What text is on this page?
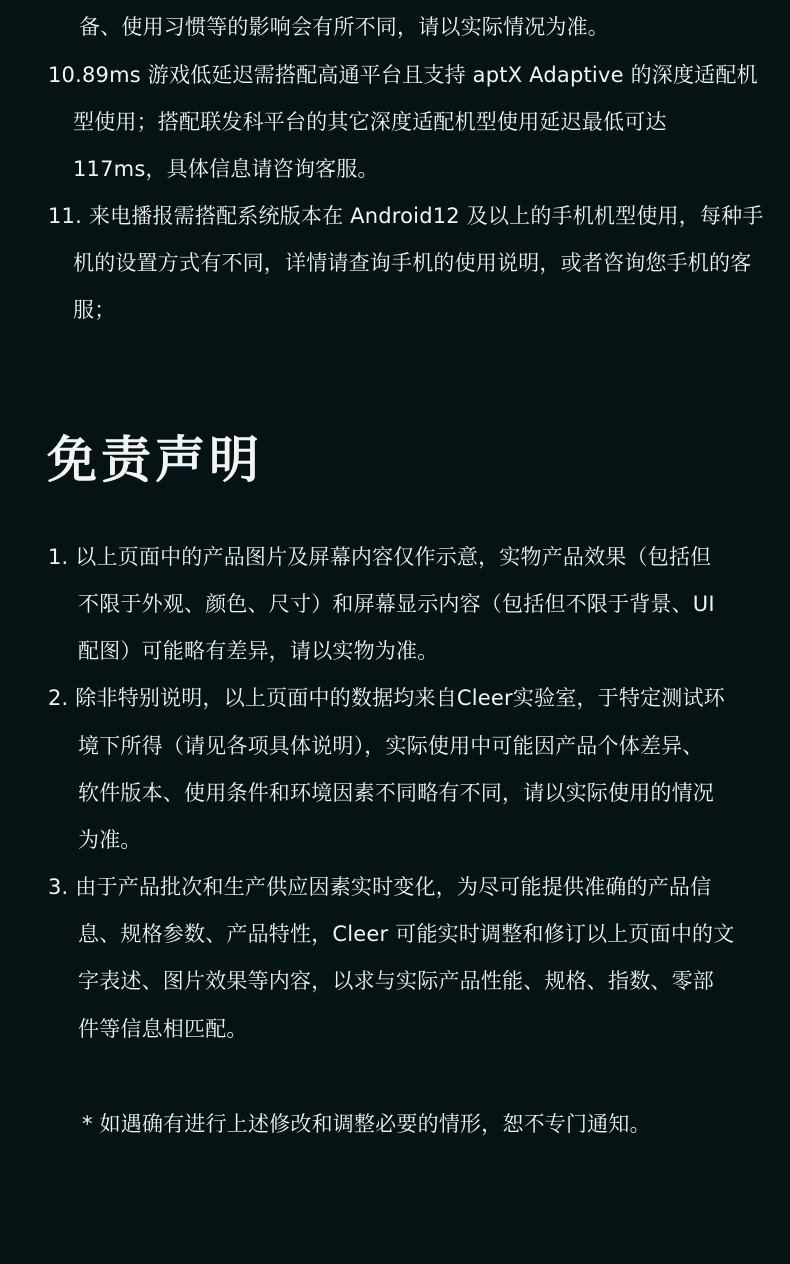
备、使用习惯等的影响会有所不同，请以实际情况为准。
10.89ms 游戏低延迟需搭配高通平台且支持 aptX Adaptive 的深度适配机
型使用；搭配联发科平台的其它深度适配机型使用延迟最低可达
117ms，具体信息请咨询客服。
11. 来电播报需搭配系统版本在 Android12 及以上的手机机型使用，每种手
机的设置方式有不同，详情请查询手机的使用说明，或者咨询您手机的客
服；
免责声明
1. 以上页面中的产品图片及屏幕内容仅作示意，实物产品效果（包括但
不限于外观、颜色、尺寸）和屏幕显示内容（包括但不限于背景、UI
配图）可能略有差异，请以实物为准。
2. 除非特别说明，以上页面中的数据均来自Cleer实验室，于特定测试环
境下所得（请见各项具体说明），实际使用中可能因产品个体差异、
软件版本、使用条件和环境因素不同略有不同，请以实际使用的情况
为准。
3. 由于产品批次和生产供应因素实时变化，为尽可能提供准确的产品信
息、规格参数、产品特性，Cleer 可能实时调整和修订以上页面中的文
字表述、图片效果等内容，以求与实际产品性能、规格、指数、零部
件等信息相匹配。
* 如遇确有进行上述修改和调整必要的情形，恕不专门通知。
